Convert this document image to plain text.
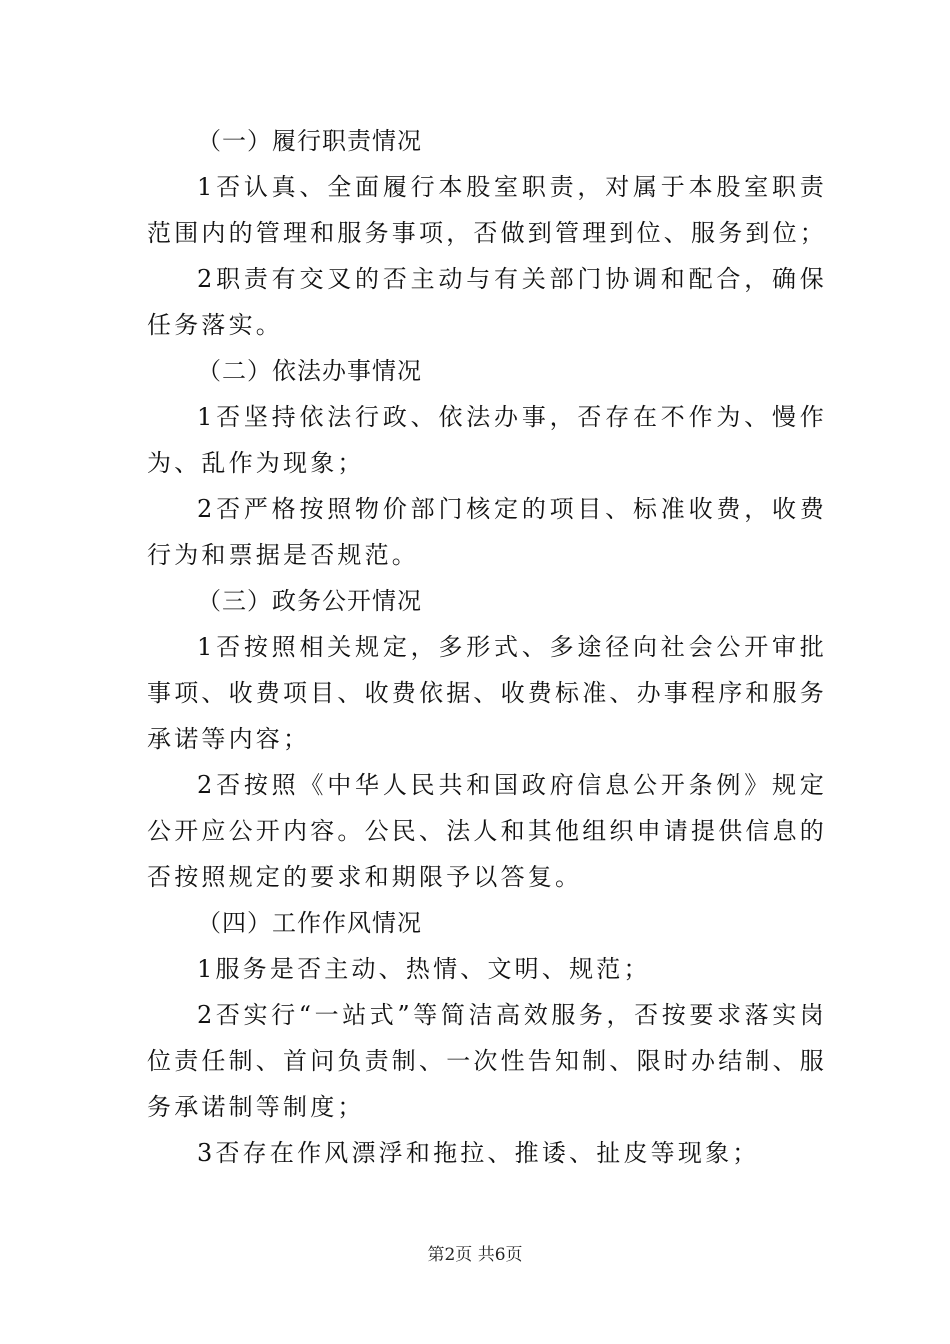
（一）履行职责情况

1否认真、全面履行本股室职责，对属于本股室职责范围内的管理和服务事项，否做到管理到位、服务到位；

2职责有交叉的否主动与有关部门协调和配合，确保任务落实。

（二）依法办事情况

1否坚持依法行政、依法办事，否存在不作为、慢作为、乱作为现象；

2否严格按照物价部门核定的项目、标准收费，收费行为和票据是否规范。

（三）政务公开情况

1否按照相关规定，多形式、多途径向社会公开审批事项、收费项目、收费依据、收费标准、办事程序和服务承诺等内容；

2否按照《中华人民共和国政府信息公开条例》规定公开应公开内容。公民、法人和其他组织申请提供信息的否按照规定的要求和期限予以答复。

（四）工作作风情况

1服务是否主动、热情、文明、规范；

2否实行“一站式”等简洁高效服务，否按要求落实岗位责任制、首问负责制、一次性告知制、限时办结制、服务承诺制等制度；

3否存在作风漂浮和拖拉、推诿、扯皮等现象；

第2页 共6页
